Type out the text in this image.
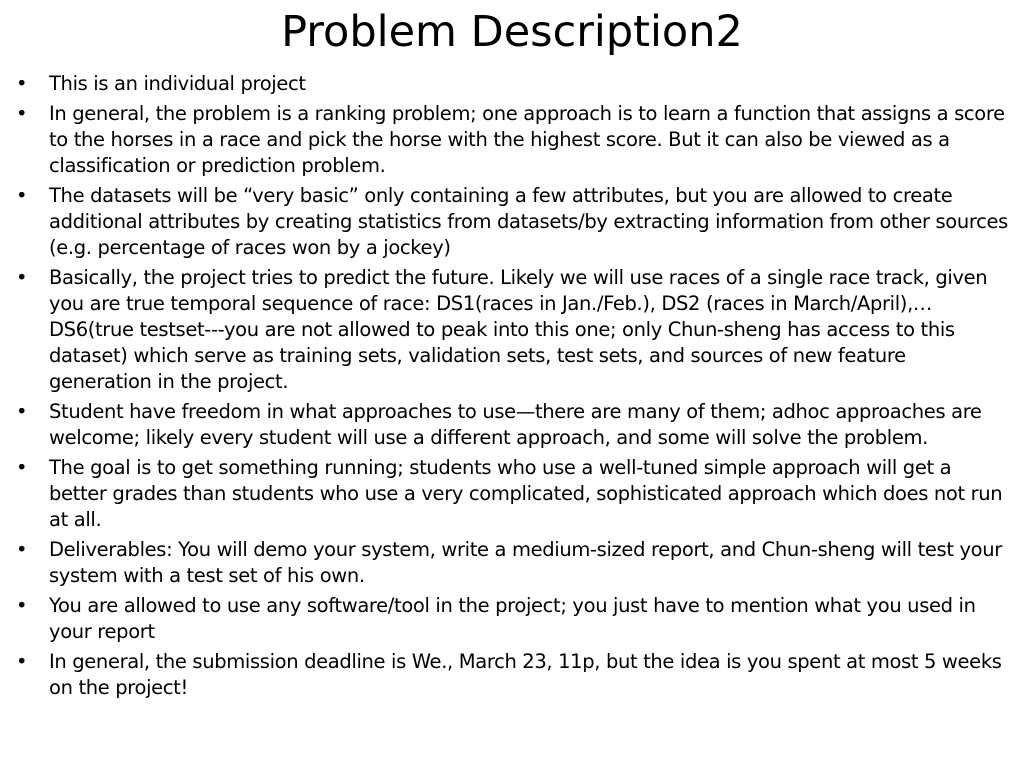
Problem Description2
•	This is an individual project
•	In general, the problem is a ranking problem; one approach is to learn a function that assigns a score to the horses in a race and pick the horse with the highest score. But it can also be viewed as a classification or prediction problem.
•	The datasets will be “very basic” only containing a few attributes, but you are allowed to create additional attributes by creating statistics from datasets/by extracting information from other sources (e.g. percentage of races won by a jockey)
•	Basically, the project tries to predict the future. Likely we will use races of a single race track, given you are true temporal sequence of race: DS1(races in Jan./Feb.), DS2 (races in March/April),…DS6(true testset---you are not allowed to peak into this one; only Chun-sheng has access to this dataset) which serve as training sets, validation sets, test sets, and sources of new feature generation in the project.
•	Student have freedom in what approaches to use—there are many of them; adhoc approaches are welcome; likely every student will use a different approach, and some will solve the problem.
•	The goal is to get something running; students who use a well-tuned simple approach will get a better grades than students who use a very complicated, sophisticated approach which does not run at all.
•	Deliverables: You will demo your system, write a medium-sized report, and Chun-sheng will test your system with a test set of his own.
•	You are allowed to use any software/tool in the project; you just have to mention what you used in your report
•	In general, the submission deadline is We., March 23, 11p, but the idea is you spent at most 5 weeks on the project!
